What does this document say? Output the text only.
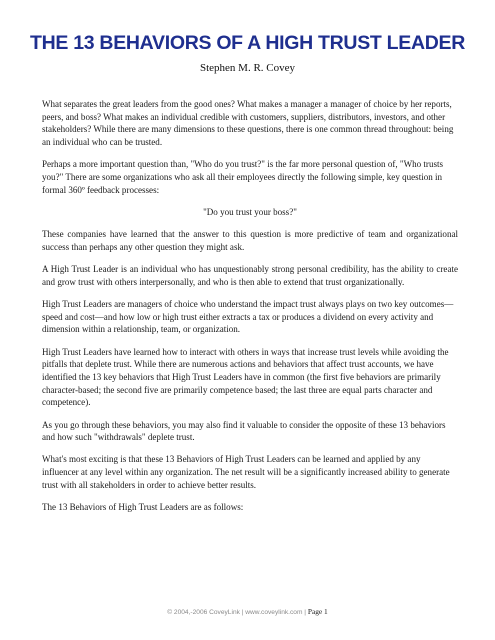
THE 13 BEHAVIORS OF A HIGH TRUST LEADER
Stephen M. R. Covey

What separates the great leaders from the good ones? What makes a manager a manager of choice by her reports, peers, and boss? What makes an individual credible with customers, suppliers, distributors, investors, and other stakeholders? While there are many dimensions to these questions, there is one common thread throughout: being an individual who can be trusted.

Perhaps a more important question than, "Who do you trust?" is the far more personal question of, "Who trusts you?" There are some organizations who ask all their employees directly the following simple, key question in formal 360º feedback processes:

"Do you trust your boss?"

These companies have learned that the answer to this question is more predictive of team and organizational success than perhaps any other question they might ask.

A High Trust Leader is an individual who has unquestionably strong personal credibility, has the ability to create and grow trust with others interpersonally, and who is then able to extend that trust organizationally.

High Trust Leaders are managers of choice who understand the impact trust always plays on two key outcomes—speed and cost—and how low or high trust either extracts a tax or produces a dividend on every activity and dimension within a relationship, team, or organization.

High Trust Leaders have learned how to interact with others in ways that increase trust levels while avoiding the pitfalls that deplete trust. While there are numerous actions and behaviors that affect trust accounts, we have identified the 13 key behaviors that High Trust Leaders have in common (the first five behaviors are primarily character-based; the second five are primarily competence based; the last three are equal parts character and competence).

As you go through these behaviors, you may also find it valuable to consider the opposite of these 13 behaviors and how such "withdrawals" deplete trust.

What's most exciting is that these 13 Behaviors of High Trust Leaders can be learned and applied by any influencer at any level within any organization. The net result will be a significantly increased ability to generate trust with all stakeholders in order to achieve better results.

The 13 Behaviors of High Trust Leaders are as follows:

© 2004,-2006 CoveyLink | www.coveylink.com | Page 1
